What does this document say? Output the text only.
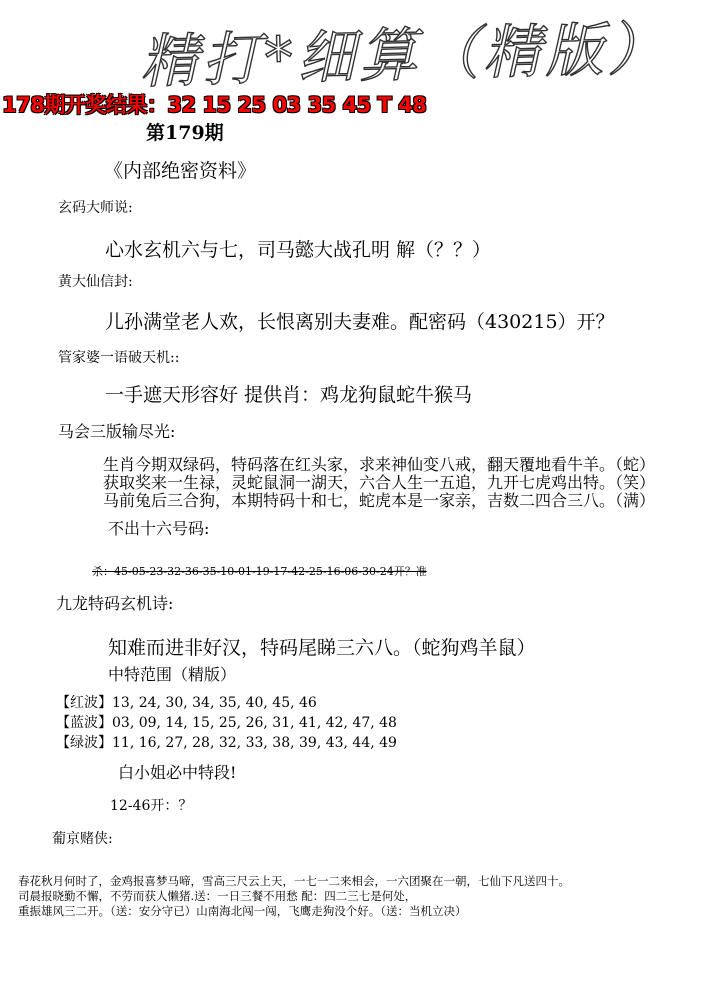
精打*细算（精版）
178期开奖结果：32 15 25 03 35 45 T 48
第179期
《内部绝密资料》
玄码大师说:
心水玄机六与七，司马懿大战孔明 解（？？）
黄大仙信封:
儿孙满堂老人欢，长恨离别夫妻难。配密码（430215）开？
管家婆一语破天机::
一手遮天形容好 提供肖：鸡龙狗鼠蛇牛猴马
马会三版输尽光:
生肖今期双绿码，特码落在红头家，求来神仙变八戒，翻天覆地看牛羊。（蛇）
获取奖来一生禄，灵蛇鼠洞一湖天，六合人生一五追，九开七虎鸡出特。（笑）
马前兔后三合狗，本期特码十和七，蛇虎本是一家亲，吉数二四合三八。（满）
不出十六号码:
杀：45-05-23-32-36-35-10-01-19-17-42-25-16-06-30-24开？准
九龙特码玄机诗:
知难而进非好汉，特码尾睇三六八。（蛇狗鸡羊鼠）
中特范围（精版）
【红波】13, 24, 30, 34, 35, 40, 45, 46
【蓝波】03, 09, 14, 15, 25, 26, 31, 41, 42, 47, 48
【绿波】11, 16, 27, 28, 32, 33, 38, 39, 43, 44, 49
白小姐必中特段!
12-46开：？
葡京赌侠:
春花秋月何时了，金鸡报喜梦马啼，雪高三尺云上天，一七一二来相会，一六团聚在一朝，七仙下凡送四十。
司晨报晓勤不懈，不劳而获人懒猪.送：一日三餐不用愁 配：四二三七是何处，
重振雄风三二开。（送：安分守已）山南海北闯一闯，飞鹰走狗没个好。（送：当机立决）
